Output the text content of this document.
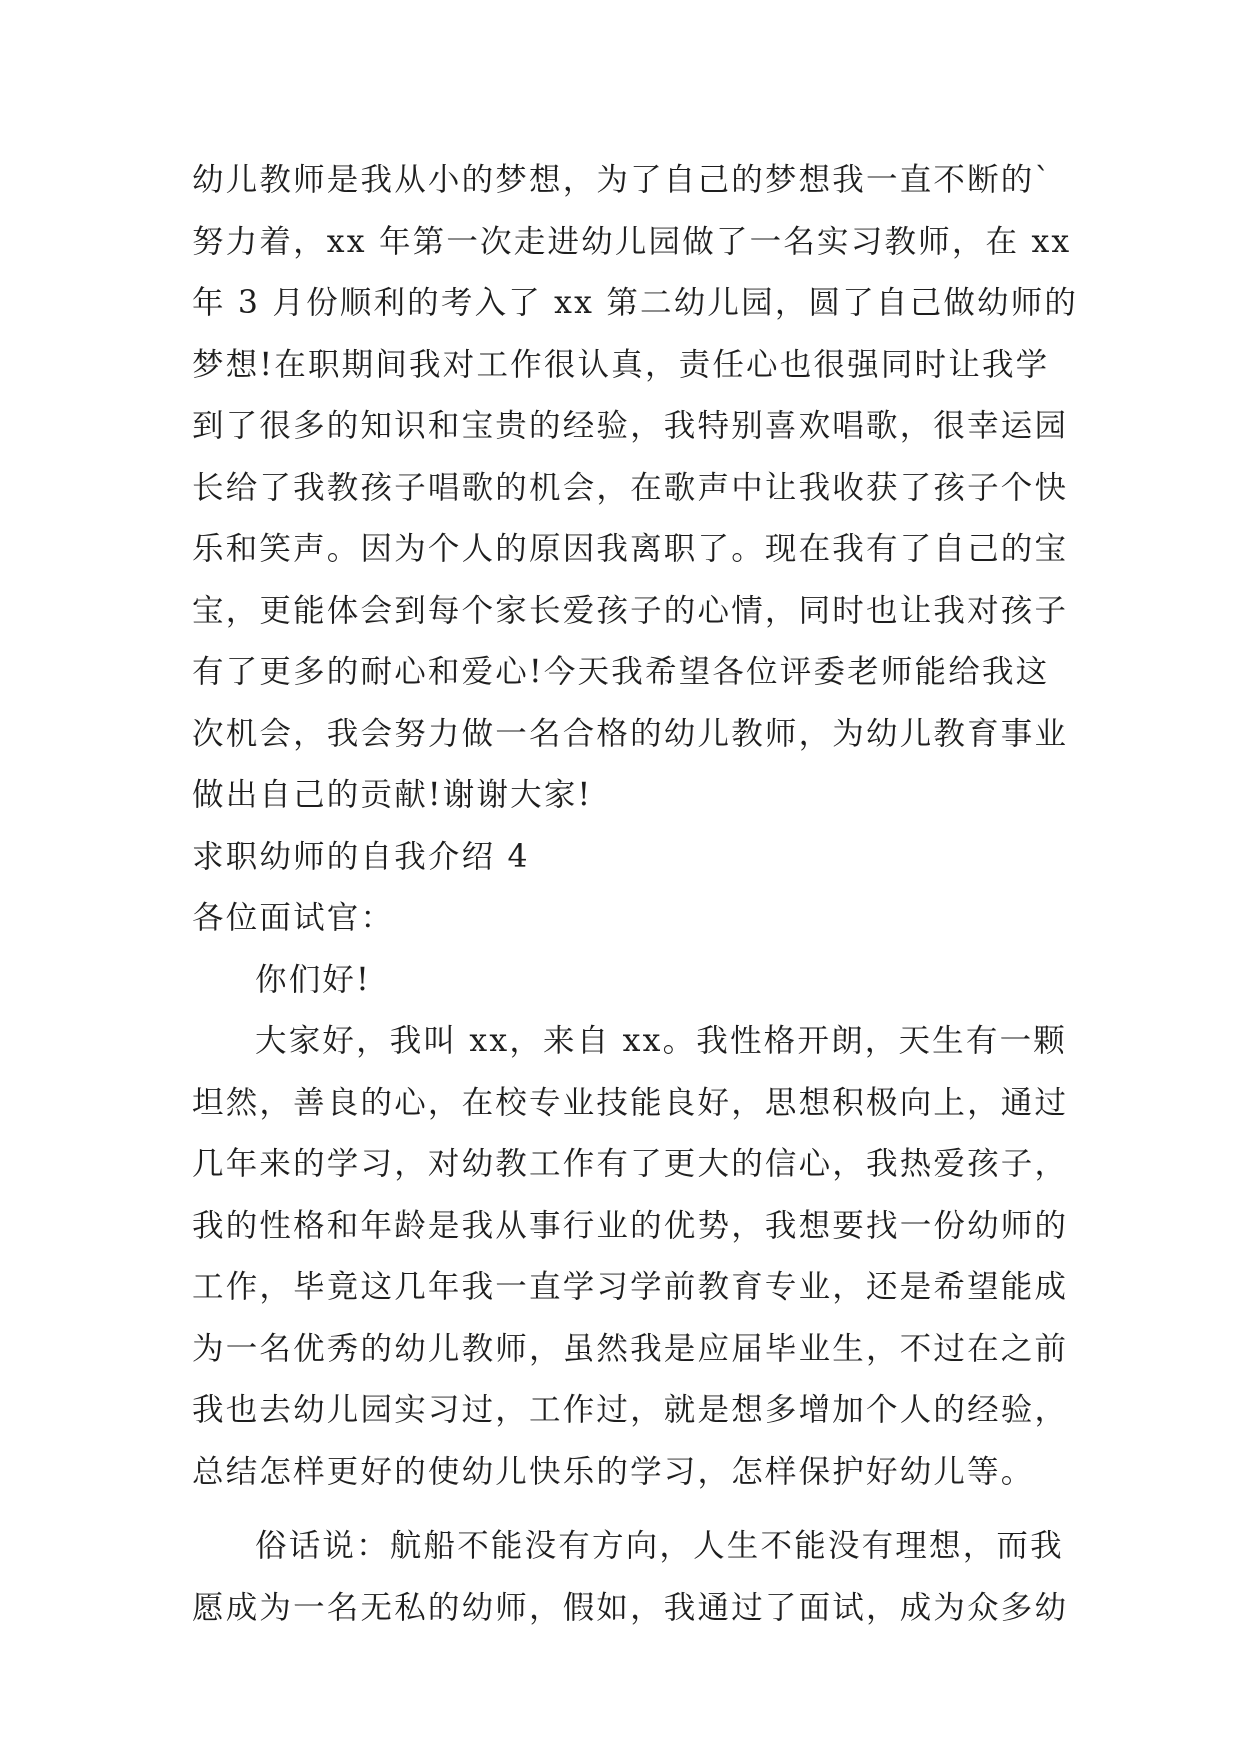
幼儿教师是我从小的梦想，为了自己的梦想我一直不断的`
努力着，xx 年第一次走进幼儿园做了一名实习教师，在 xx
年 3 月份顺利的考入了 xx 第二幼儿园，圆了自己做幼师的
梦想!在职期间我对工作很认真，责任心也很强同时让我学
到了很多的知识和宝贵的经验，我特别喜欢唱歌，很幸运园
长给了我教孩子唱歌的机会，在歌声中让我收获了孩子个快
乐和笑声。因为个人的原因我离职了。现在我有了自己的宝
宝，更能体会到每个家长爱孩子的心情，同时也让我对孩子
有了更多的耐心和爱心!今天我希望各位评委老师能给我这
次机会，我会努力做一名合格的幼儿教师，为幼儿教育事业
做出自己的贡献!谢谢大家!
求职幼师的自我介绍 4
各位面试官：
你们好!
大家好，我叫 xx，来自 xx。我性格开朗，天生有一颗
坦然，善良的心，在校专业技能良好，思想积极向上，通过
几年来的学习，对幼教工作有了更大的信心，我热爱孩子，
我的性格和年龄是我从事行业的优势，我想要找一份幼师的
工作，毕竟这几年我一直学习学前教育专业，还是希望能成
为一名优秀的幼儿教师，虽然我是应届毕业生，不过在之前
我也去幼儿园实习过，工作过，就是想多增加个人的经验，
总结怎样更好的使幼儿快乐的学习，怎样保护好幼儿等。
俗话说：航船不能没有方向，人生不能没有理想，而我
愿成为一名无私的幼师，假如，我通过了面试，成为众多幼
